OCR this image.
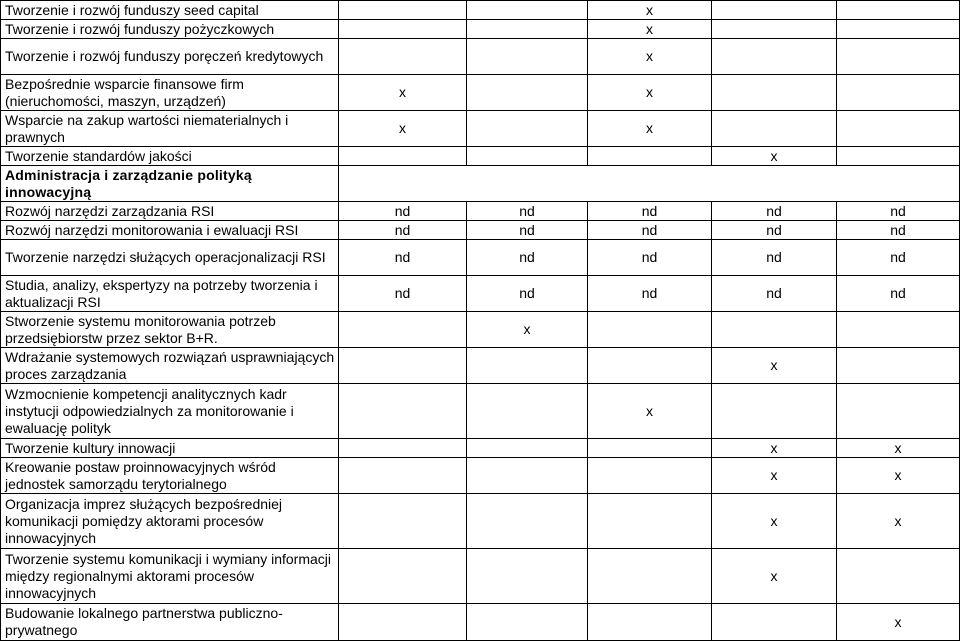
Tworzenie i rozwój funduszy seed capital			x		
Tworzenie i rozwój funduszy pożyczkowych			x		
Tworzenie i rozwój funduszy poręczeń kredytowych			x		
Bezpośrednie wsparcie finansowe firm (nieruchomości, maszyn, urządzeń)	x		x		
Wsparcie na zakup wartości niematerialnych i prawnych	x		x		
Tworzenie standardów jakości				x	
Administracja i zarządzanie polityką innowacyjną					
Rozwój narzędzi zarządzania RSI	nd	nd	nd	nd	nd
Rozwój narzędzi monitorowania i ewaluacji RSI	nd	nd	nd	nd	nd
Tworzenie narzędzi służących operacjonalizacji RSI	nd	nd	nd	nd	nd
Studia, analizy, ekspertyzy na potrzeby tworzenia i aktualizacji RSI	nd	nd	nd	nd	nd
Stworzenie systemu monitorowania potrzeb przedsiębiorstw przez sektor B+R.		x			
Wdrażanie systemowych rozwiązań usprawniających proces zarządzania				x	
Wzmocnienie kompetencji analitycznych kadr instytucji odpowiedzialnych za monitorowanie i ewaluację polityk			x		
Tworzenie kultury innowacji				x	x
Kreowanie postaw proinnowacyjnych wśród jednostek samorządu terytorialnego				x	x
Organizacja imprez służących bezpośredniej komunikacji pomiędzy aktorami procesów innowacyjnych				x	x
Tworzenie systemu komunikacji i wymiany informacji między regionalnymi aktorami procesów innowacyjnych				x	
Budowanie lokalnego partnerstwa publiczno-prywatnego					x
